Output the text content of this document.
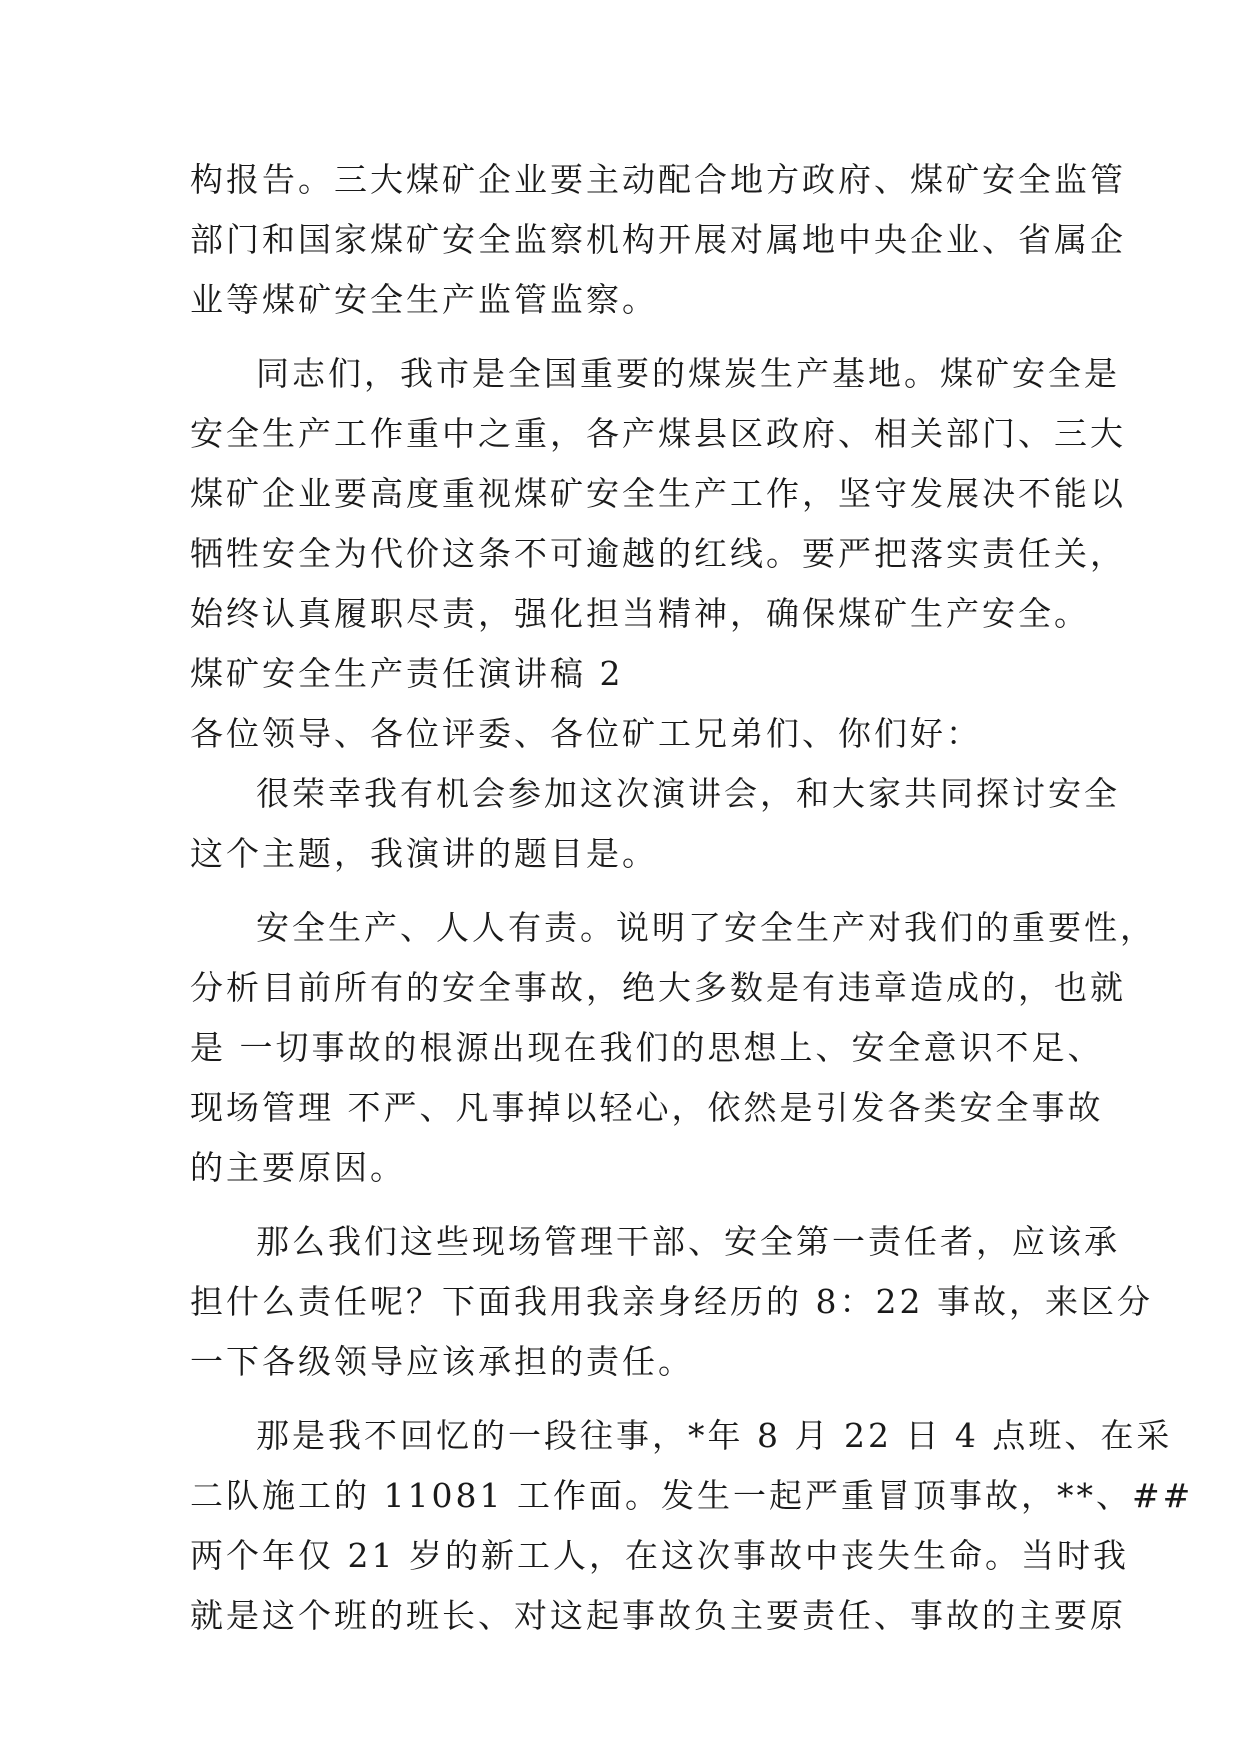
构报告。三大煤矿企业要主动配合地方政府、煤矿安全监管
部门和国家煤矿安全监察机构开展对属地中央企业、省属企
业等煤矿安全生产监管监察。
同志们，我市是全国重要的煤炭生产基地。煤矿安全是
安全生产工作重中之重，各产煤县区政府、相关部门、三大
煤矿企业要高度重视煤矿安全生产工作，坚守发展决不能以
牺牲安全为代价这条不可逾越的红线。要严把落实责任关，
始终认真履职尽责，强化担当精神，确保煤矿生产安全。
煤矿安全生产责任演讲稿 2
各位领导、各位评委、各位矿工兄弟们、你们好：
很荣幸我有机会参加这次演讲会，和大家共同探讨安全
这个主题，我演讲的题目是。
安全生产、人人有责。说明了安全生产对我们的重要性，
分析目前所有的安全事故，绝大多数是有违章造成的，也就
是 一切事故的根源出现在我们的思想上、安全意识不足、
现场管理 不严、凡事掉以轻心，依然是引发各类安全事故
的主要原因。
那么我们这些现场管理干部、安全第一责任者，应该承
担什么责任呢？下面我用我亲身经历的 8：22 事故，来区分
一下各级领导应该承担的责任。
那是我不回忆的一段往事，*年 8 月 22 日 4 点班、在采
二队施工的 11081 工作面。发生一起严重冒顶事故，**、##
两个年仅 21 岁的新工人，在这次事故中丧失生命。当时我
就是这个班的班长、对这起事故负主要责任、事故的主要原
